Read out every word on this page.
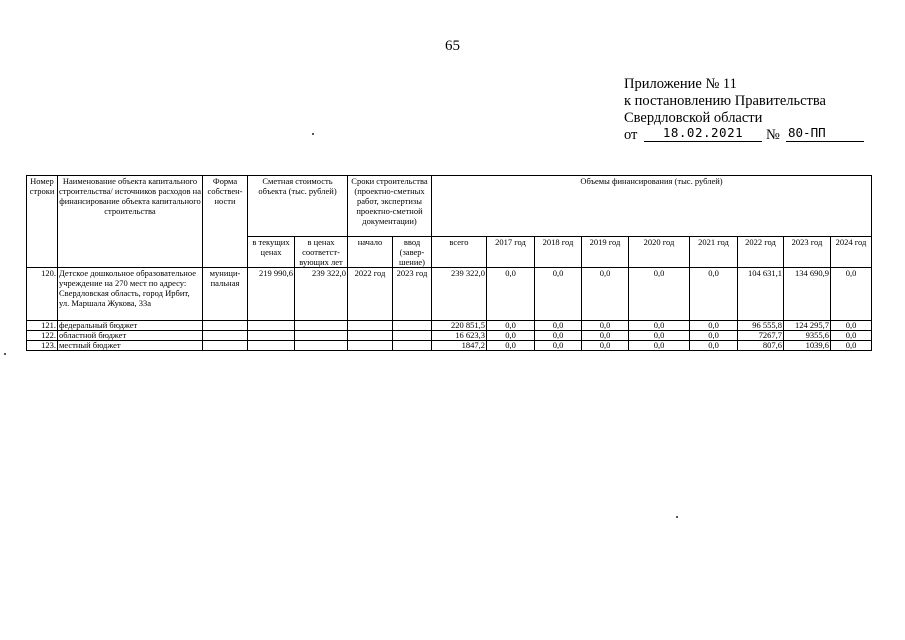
65
Приложение № 11
к постановлению Правительства
Свердловской области
от	18.02.2021	№ 80-ПП
Номер строки	Наименование объекта капитального строительства/ источников расходов на финансирование объекта капитального строительства	Форма собствен-ности	Сметная стоимость объекта (тыс. рублей)		Сроки строительства (проектно-сметных работ, экспертизы проектно-сметной документации)		Объемы финансирования (тыс. рублей)								
			в текущих ценах	в ценах соответст-вующих лет	начало	ввод (завер-шение)	всего	2017 год	2018 год	2019 год	2020 год	2021 год	2022 год	2023 год	2024 год
120.	Детское дошкольное образовательное учреждение на 270 мест по адресу: Свердловская область, город Ирбит, ул. Маршала Жукова, 33а	муници-пальная	219 990,6	239 322,0	2022 год	2023 год	239 322,0	0,0	0,0	0,0	0,0	0,0	104 631,1	134 690,9	0,0
121.	федеральный бюджет						220 851,5	0,0	0,0	0,0	0,0	0,0	96 555,8	124 295,7	0,0
122.	областной бюджет						16 623,3	0,0	0,0	0,0	0,0	0,0	7267,7	9355,6	0,0
123.	местный бюджет						1847,2	0,0	0,0	0,0	0,0	0,0	807,6	1039,6	0,0
